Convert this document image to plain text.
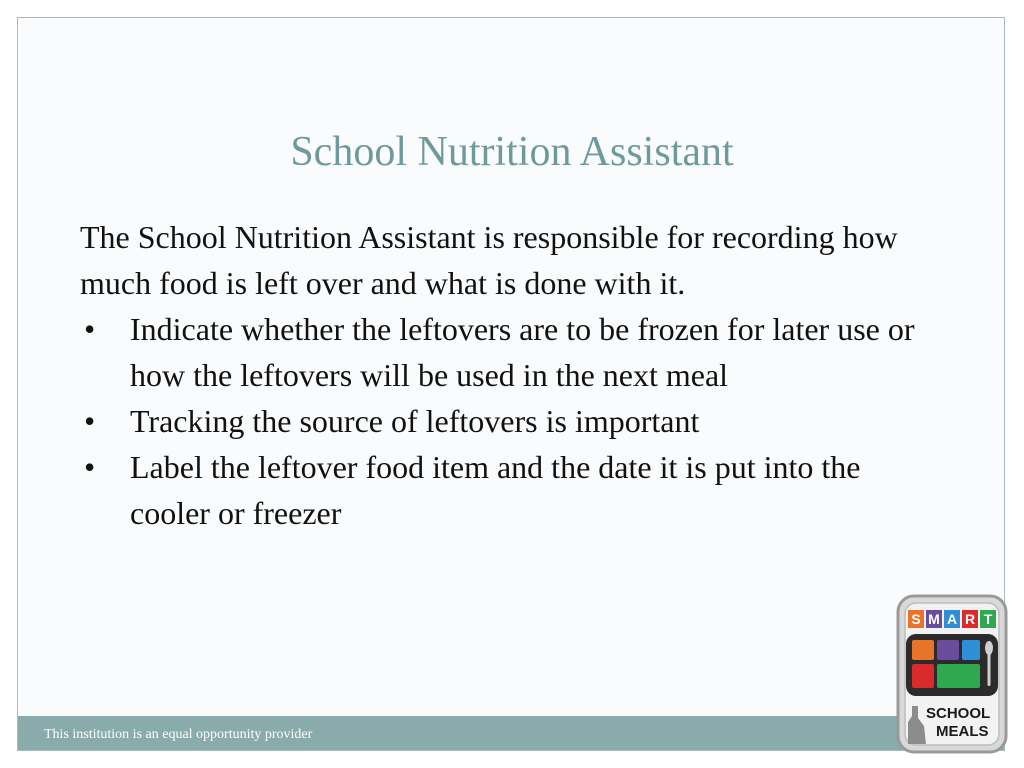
School Nutrition Assistant

The School Nutrition Assistant is responsible for recording how much food is left over and what is done with it.

• Indicate whether the leftovers are to be frozen for later use or how the leftovers will be used in the next meal
• Tracking the source of leftovers is important
• Label the leftover food item and the date it is put into the cooler or freezer
This institution is an equal opportunity provider
S M A R T
SCHOOL
MEALS
